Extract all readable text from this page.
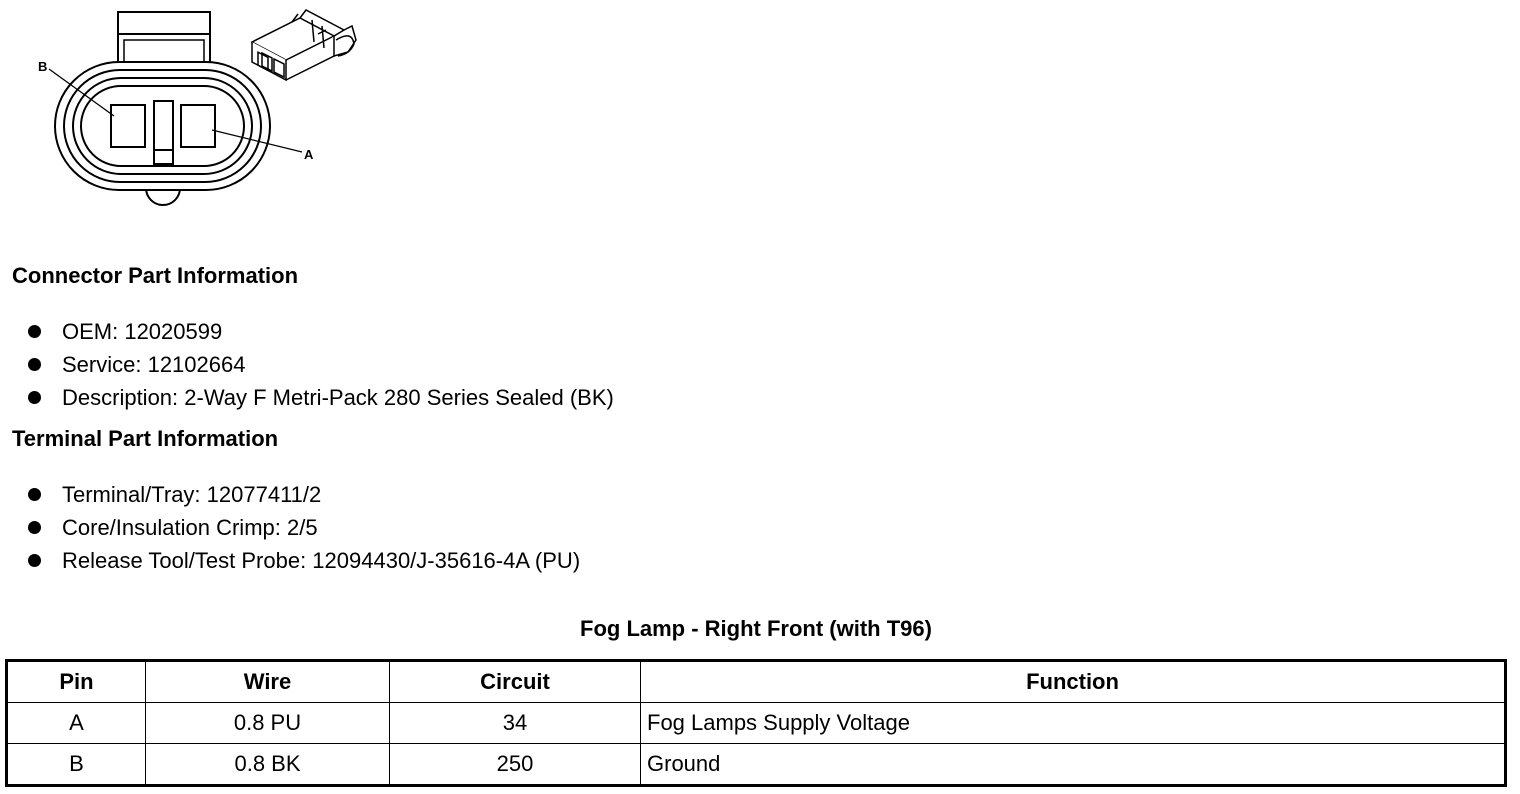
B
A
Connector Part Information
OEM: 12020599
Service: 12102664
Description: 2-Way F Metri-Pack 280 Series Sealed (BK)
Terminal Part Information
Terminal/Tray: 12077411/2
Core/Insulation Crimp: 2/5
Release Tool/Test Probe: 12094430/J-35616-4A (PU)
Fog Lamp - Right Front (with T96)
Pin	Wire	Circuit	Function
A	0.8 PU	34	Fog Lamps Supply Voltage
B	0.8 BK	250	Ground
